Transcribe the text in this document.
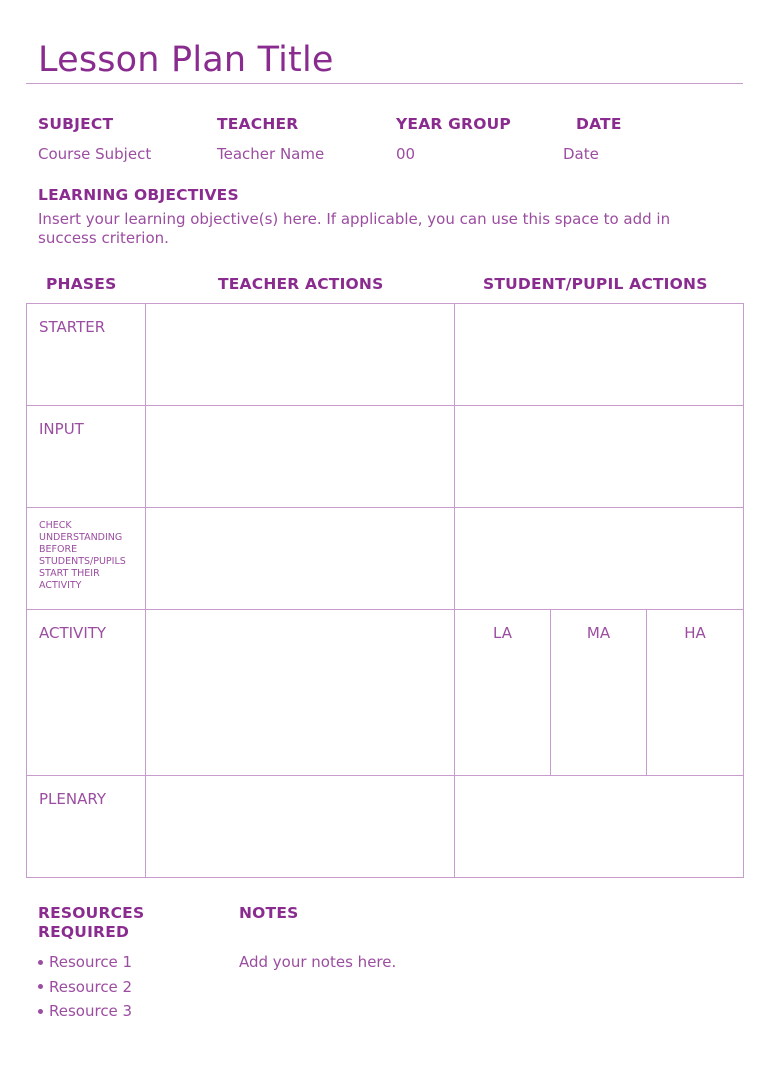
Lesson Plan Title
SUBJECT	TEACHER	YEAR GROUP	DATE
Course Subject	Teacher Name	00	Date
LEARNING OBJECTIVES
Insert your learning objective(s) here. If applicable, you can use this space to add in success criterion.
PHASES	TEACHER ACTIONS	STUDENT/PUPIL ACTIONS
STARTER				

INPUT				

CHECK UNDERSTANDING BEFORE STUDENTS/PUPILS START THEIR ACTIVITY				

ACTIVITY		LA	MA	HA

PLENARY				

RESOURCES REQUIRED
Resource 1
Resource 2
Resource 3
NOTES
Add your notes here.
